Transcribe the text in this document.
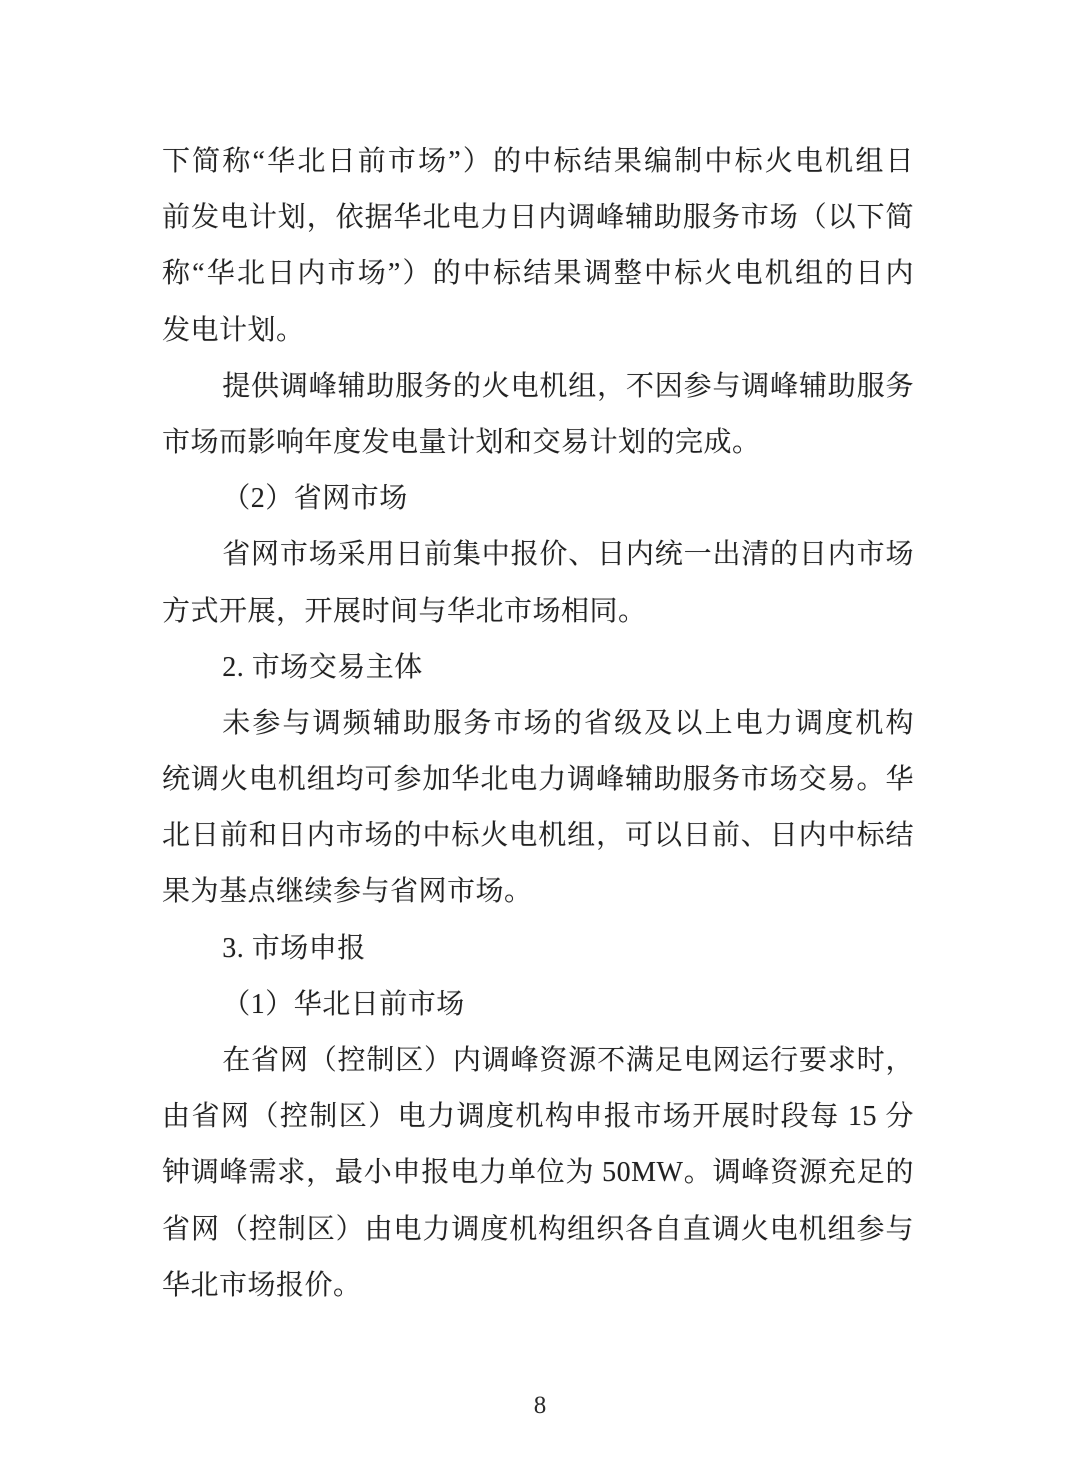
下简称“华北日前市场”）的中标结果编制中标火电机组日
前发电计划，依据华北电力日内调峰辅助服务市场（以下简
称“华北日内市场”）的中标结果调整中标火电机组的日内
发电计划。
提供调峰辅助服务的火电机组，不因参与调峰辅助服务
市场而影响年度发电量计划和交易计划的完成。
（2）省网市场
省网市场采用日前集中报价、日内统一出清的日内市场
方式开展，开展时间与华北市场相同。
2. 市场交易主体
未参与调频辅助服务市场的省级及以上电力调度机构
统调火电机组均可参加华北电力调峰辅助服务市场交易。华
北日前和日内市场的中标火电机组，可以日前、日内中标结
果为基点继续参与省网市场。
3. 市场申报
（1）华北日前市场
在省网（控制区）内调峰资源不满足电网运行要求时，
由省网（控制区）电力调度机构申报市场开展时段每 15 分
钟调峰需求，最小申报电力单位为 50MW。调峰资源充足的
省网（控制区）由电力调度机构组织各自直调火电机组参与
华北市场报价。
8
